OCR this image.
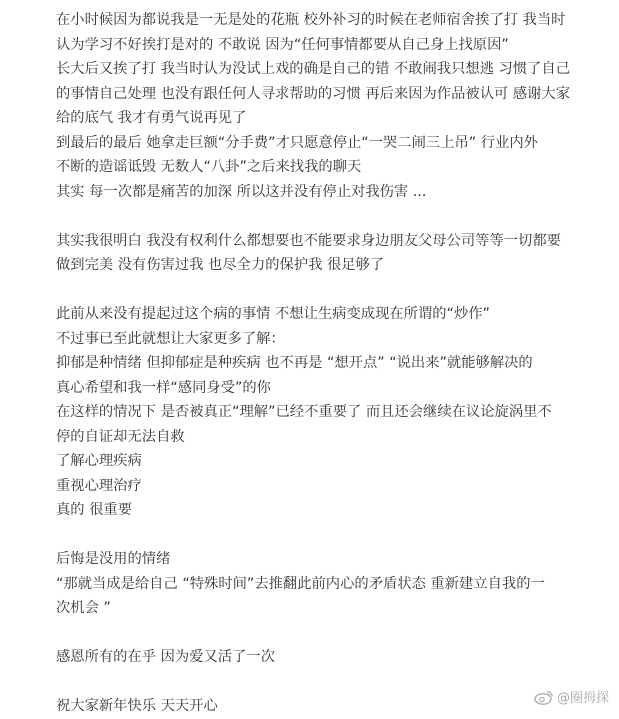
在小时候因为都说我是一无是处的花瓶 校外补习的时候在老师宿舍挨了打 我当时

认为学习不好挨打是对的 不敢说 因为“任何事情都要从自己身上找原因”

长大后又挨了打 我当时认为没试上戏的确是自己的错 不敢闹我只想逃 习惯了自己

的事情自己处理 也没有跟任何人寻求帮助的习惯 再后来因为作品被认可 感谢大家

给的底气 我才有勇气说再见了

到最后的最后 她拿走巨额“分手费”才只愿意停止“一哭二闹三上吊” 行业内外

不断的造谣诋毁 无数人“八卦”之后来找我的聊天

其实 每一次都是痛苦的加深 所以这并没有停止对我伤害 ...

其实我很明白 我没有权利什么都想要也不能要求身边朋友父母公司等等一切都要

做到完美 没有伤害过我 也尽全力的保护我 很足够了

此前从来没有提起过这个病的事情 不想让生病变成现在所谓的“炒作”

不过事已至此就想让大家更多了解：

抑郁是种情绪 但抑郁症是种疾病 也不再是 “想开点” “说出来”就能够解决的

真心希望和我一样“感同身受”的你

在这样的情况下 是否被真正“理解”已经不重要了 而且还会继续在议论旋涡里不

停的自证却无法自救

了解心理疾病

重视心理治疗

真的 很重要

后悔是没用的情绪

“那就当成是给自己 “特殊时间”去推翻此前内心的矛盾状态 重新建立自我的一

次机会 ”

感恩所有的在乎 因为爱又活了一次

祝大家新年快乐 天天开心	@圈拇探
